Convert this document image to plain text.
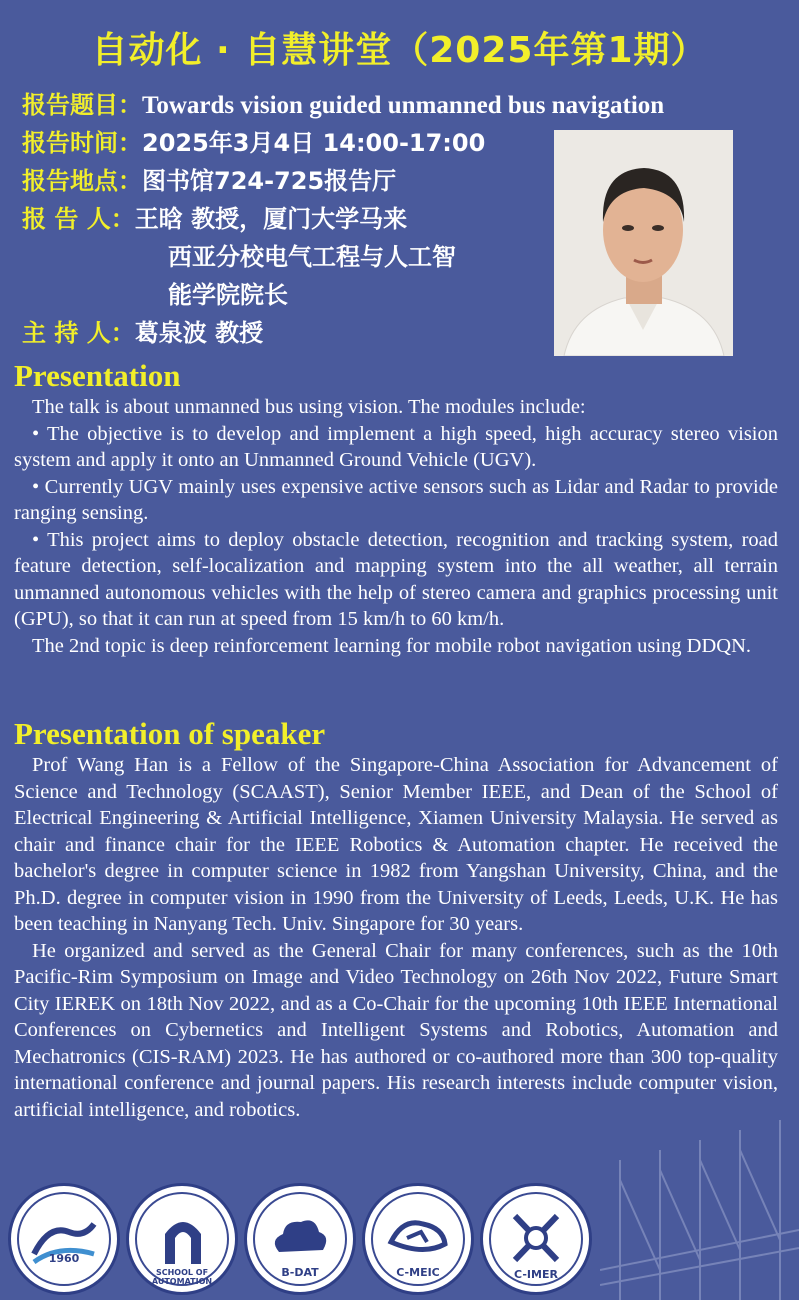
自动化 · 自慧讲堂（2025年第1期）
报告题目：Towards vision guided unmanned bus navigation
报告时间：2025年3月4日 14:00-17:00
报告地点：图书馆724-725报告厅
报 告 人：王晗 教授，厦门大学马来
西亚分校电气工程与人工智
能学院院长
主 持 人：葛泉波 教授
Presentation

The talk is about unmanned bus using vision. The modules include:

• The objective is to develop and implement a high speed, high accuracy stereo vision system and apply it onto an Unmanned Ground Vehicle (UGV).

• Currently UGV mainly uses expensive active sensors such as Lidar and Radar to provide ranging sensing.

• This project aims to deploy obstacle detection, recognition and tracking system, road feature detection, self-localization and mapping system into the all weather, all terrain unmanned autonomous vehicles with the help of stereo camera and graphics processing unit (GPU), so that it can run at speed from 15 km/h to 60 km/h.

The 2nd topic is deep reinforcement learning for mobile robot navigation using DDQN.

Presentation of speaker

Prof Wang Han is a Fellow of the Singapore-China Association for Advancement of Science and Technology (SCAAST), Senior Member IEEE, and Dean of the School of Electrical Engineering & Artificial Intelligence, Xiamen University Malaysia. He served as chair and finance chair for the IEEE Robotics & Automation chapter. He received the bachelor's degree in computer science in 1982 from Yangshan University, China, and the Ph.D. degree in computer vision in 1990 from the University of Leeds, Leeds, U.K. He has been teaching in Nanyang Tech. Univ. Singapore for 30 years.

He organized and served as the General Chair for many conferences, such as the 10th Pacific-Rim Symposium on Image and Video Technology on 26th Nov 2022, Future Smart City IEREK on 18th Nov 2022, and as a Co-Chair for the upcoming 10th IEEE International Conferences on Cybernetics and Intelligent Systems and Robotics, Automation and Mechatronics (CIS-RAM) 2023. He has authored or co-authored more than 300 top-quality international conference and journal papers. His research interests include computer vision, artificial intelligence, and robotics.

1960
SCHOOL OF AUTOMATION
B-DAT	C-MEIC	C-IMER
